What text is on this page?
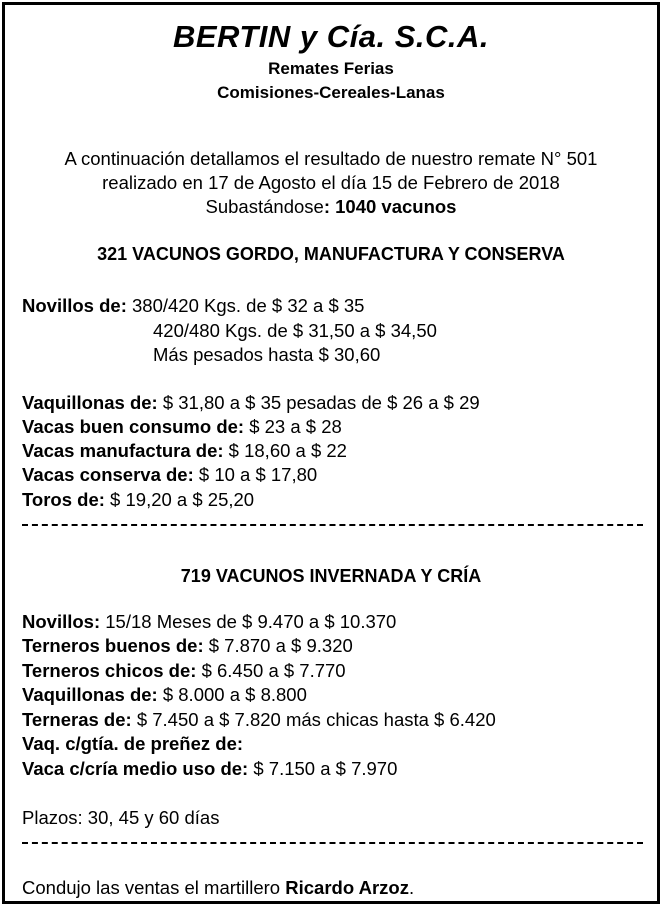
BERTIN y Cía. S.C.A.
Remates Ferias
Comisiones-Cereales-Lanas
A continuación detallamos el resultado de nuestro remate N° 501
realizado en 17 de Agosto el día 15 de Febrero de 2018
Subastándose: 1040 vacunos
321 VACUNOS GORDO, MANUFACTURA Y CONSERVA
Novillos de: 380/420 Kgs. de $ 32 a $ 35
420/480 Kgs. de $ 31,50 a $ 34,50
Más pesados hasta $ 30,60
Vaquillonas de: $ 31,80 a $ 35 pesadas de $ 26 a $ 29
Vacas buen consumo de: $ 23 a $ 28
Vacas manufactura de: $ 18,60 a $ 22
Vacas conserva de: $ 10 a $ 17,80
Toros de: $ 19,20 a $ 25,20
719 VACUNOS INVERNADA Y CRÍA
Novillos: 15/18 Meses de $ 9.470 a $ 10.370
Terneros buenos de: $ 7.870 a $ 9.320
Terneros chicos de: $ 6.450 a $ 7.770
Vaquillonas de: $ 8.000 a $ 8.800
Terneras de: $ 7.450 a $ 7.820 más chicas hasta $ 6.420
Vaq. c/gtía. de preñez de:
Vaca c/cría medio uso de: $ 7.150 a $ 7.970
Plazos: 30, 45 y 60 días
Condujo las ventas el martillero Ricardo Arzoz.
